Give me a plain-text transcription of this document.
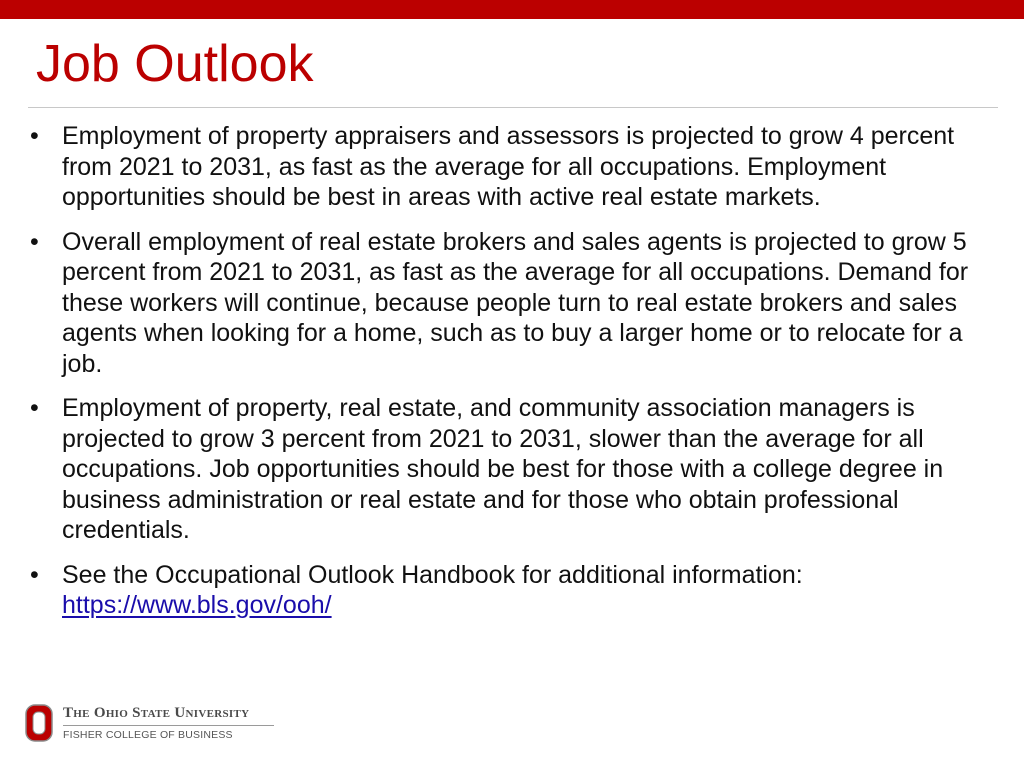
Job Outlook
• Employment of property appraisers and assessors is projected to grow 4 percent from 2021 to 2031, as fast as the average for all occupations. Employment opportunities should be best in areas with active real estate markets.
• Overall employment of real estate brokers and sales agents is projected to grow 5 percent from 2021 to 2031, as fast as the average for all occupations. Demand for these workers will continue, because people turn to real estate brokers and sales agents when looking for a home, such as to buy a larger home or to relocate for a job.
• Employment of property, real estate, and community association managers is projected to grow 3 percent from 2021 to 2031, slower than the average for all occupations. Job opportunities should be best for those with a college degree in business administration or real estate and for those who obtain professional credentials.
• See the Occupational Outlook Handbook for additional information:
https://www.bls.gov/ooh/
The Ohio State University
FISHER COLLEGE OF BUSINESS
